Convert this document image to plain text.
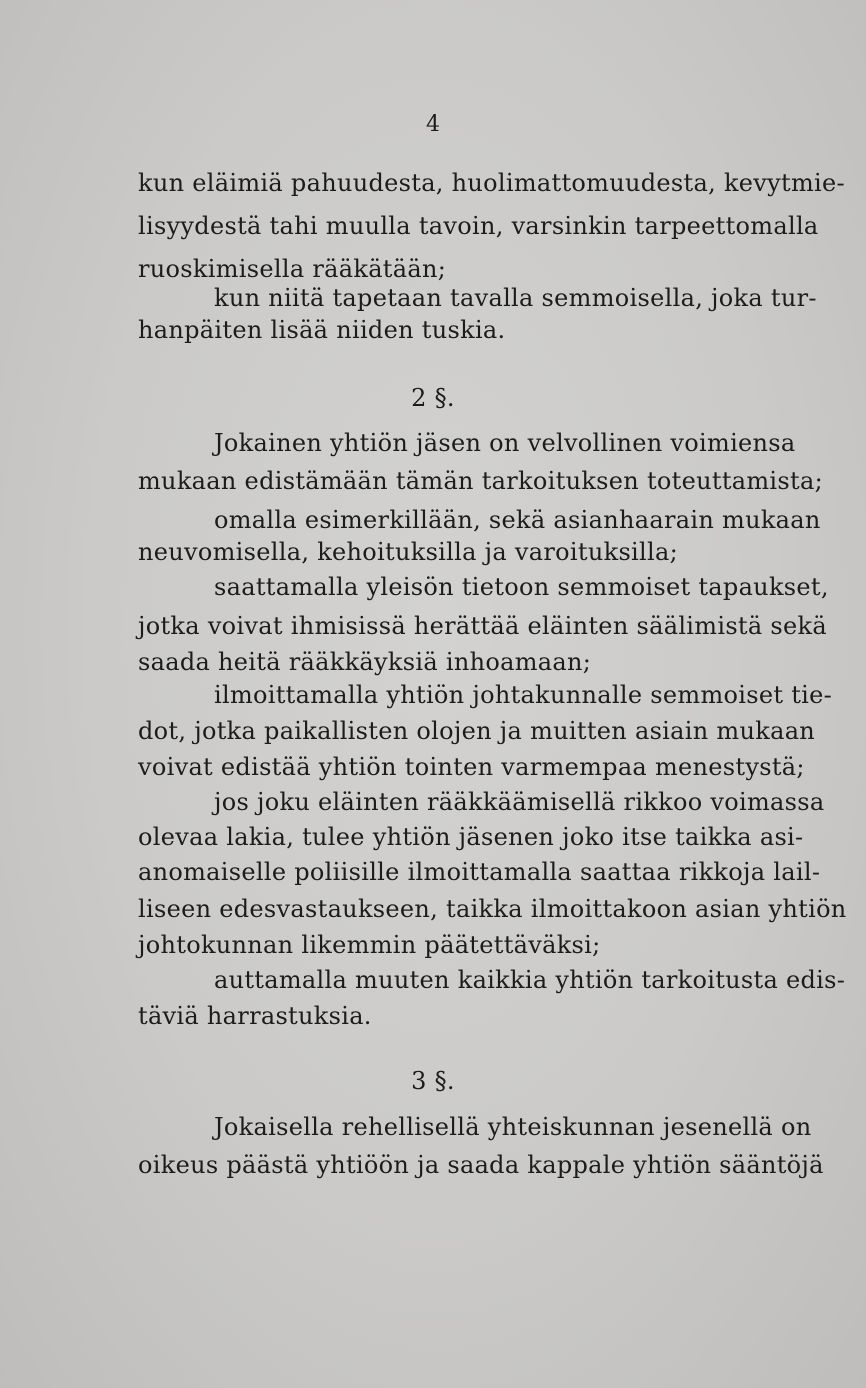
4
kun eläimiä pahuudesta, huolimattomuudesta, kevytmie-
lisyydestä tahi muulla tavoin, varsinkin tarpeettomalla
ruoskimisella rääkätään;
kun niitä tapetaan tavalla semmoisella, joka tur-
hanpäiten lisää niiden tuskia.
2 §.
Jokainen yhtiön jäsen on velvollinen voimiensa
mukaan edistämään tämän tarkoituksen toteuttamista;
omalla esimerkillään, sekä asianhaarain mukaan
neuvomisella, kehoituksilla ja varoituksilla;
saattamalla yleisön tietoon semmoiset tapaukset,
jotka voivat ihmisissä herättää eläinten säälimistä sekä
saada heitä rääkkäyksiä inhoamaan;
ilmoittamalla yhtiön johtakunnalle semmoiset tie-
dot, jotka paikallisten olojen ja muitten asiain mukaan
voivat edistää yhtiön tointen varmempaa menestystä;
jos joku eläinten rääkkäämisellä rikkoo voimassa
olevaa lakia, tulee yhtiön jäsenen joko itse taikka asi-
anomaiselle poliisille ilmoittamalla saattaa rikkoja lail-
liseen edesvastaukseen, taikka ilmoittakoon asian yhtiön
johtokunnan likemmin päätettäväksi;
auttamalla muuten kaikkia yhtiön tarkoitusta edis-
täviä harrastuksia.
3 §.
Jokaisella rehellisellä yhteiskunnan jesenellä on
oikeus päästä yhtiöön ja saada kappale yhtiön sääntöjä
